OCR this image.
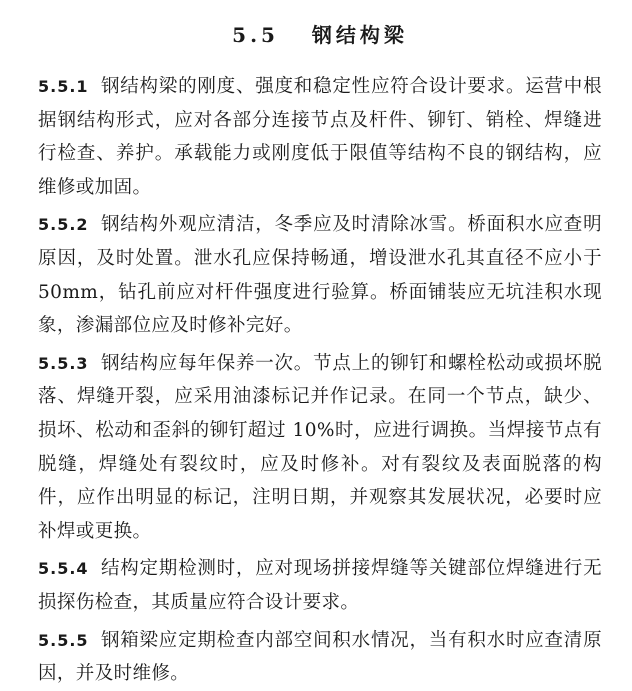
5.5 钢结构梁

5.5.1 钢结构梁的刚度、强度和稳定性应符合设计要求。运营中根据钢结构形式，应对各部分连接节点及杆件、铆钉、销栓、焊缝进行检查、养护。承载能力或刚度低于限值等结构不良的钢结构，应维修或加固。

5.5.2 钢结构外观应清洁，冬季应及时清除冰雪。桥面积水应查明原因，及时处置。泄水孔应保持畅通，增设泄水孔其直径不应小于 50mm，钻孔前应对杆件强度进行验算。桥面铺装应无坑洼积水现象，渗漏部位应及时修补完好。

5.5.3 钢结构应每年保养一次。节点上的铆钉和螺栓松动或损坏脱落、焊缝开裂，应采用油漆标记并作记录。在同一个节点，缺少、损坏、松动和歪斜的铆钉超过 10%时，应进行调换。当焊接节点有脱缝，焊缝处有裂纹时，应及时修补。对有裂纹及表面脱落的构件，应作出明显的标记，注明日期，并观察其发展状况，必要时应补焊或更换。

5.5.4 结构定期检测时，应对现场拼接焊缝等关键部位焊缝进行无损探伤检查，其质量应符合设计要求。

5.5.5 钢箱梁应定期检查内部空间积水情况，当有积水时应查清原因，并及时维修。
